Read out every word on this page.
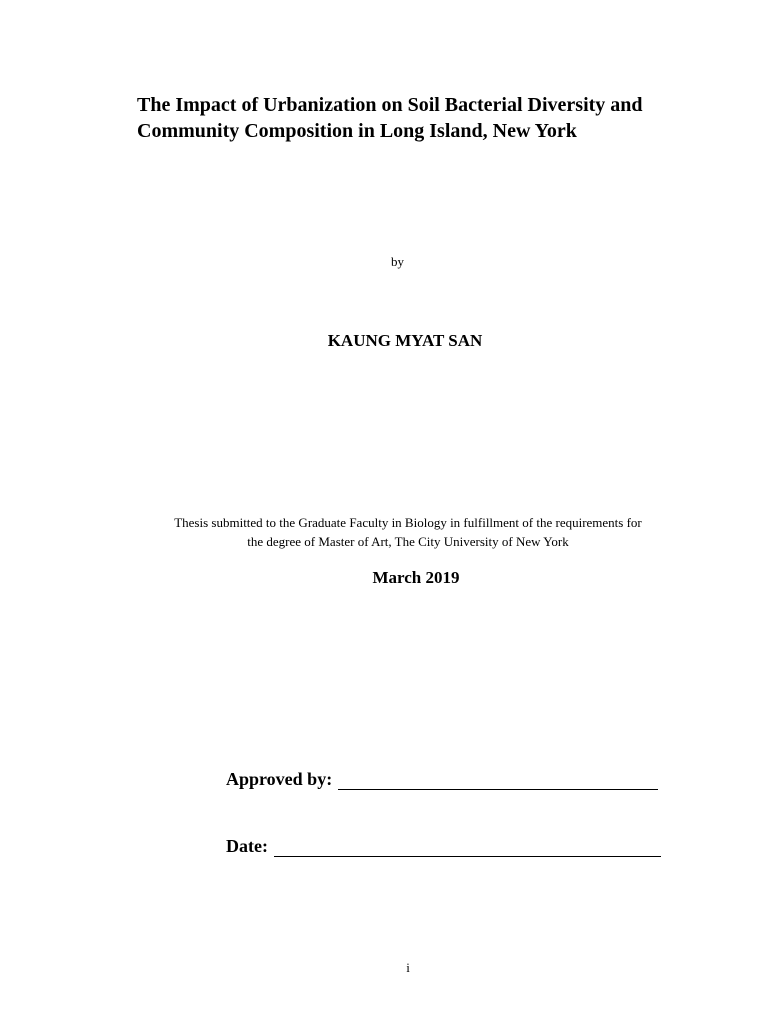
The Impact of Urbanization on Soil Bacterial Diversity and
Community Composition in Long Island, New York
by
KAUNG MYAT SAN
Thesis submitted to the Graduate Faculty in Biology in fulfillment of the requirements for
the degree of Master of Art, The City University of New York
March 2019
Approved by:
Date:
i
